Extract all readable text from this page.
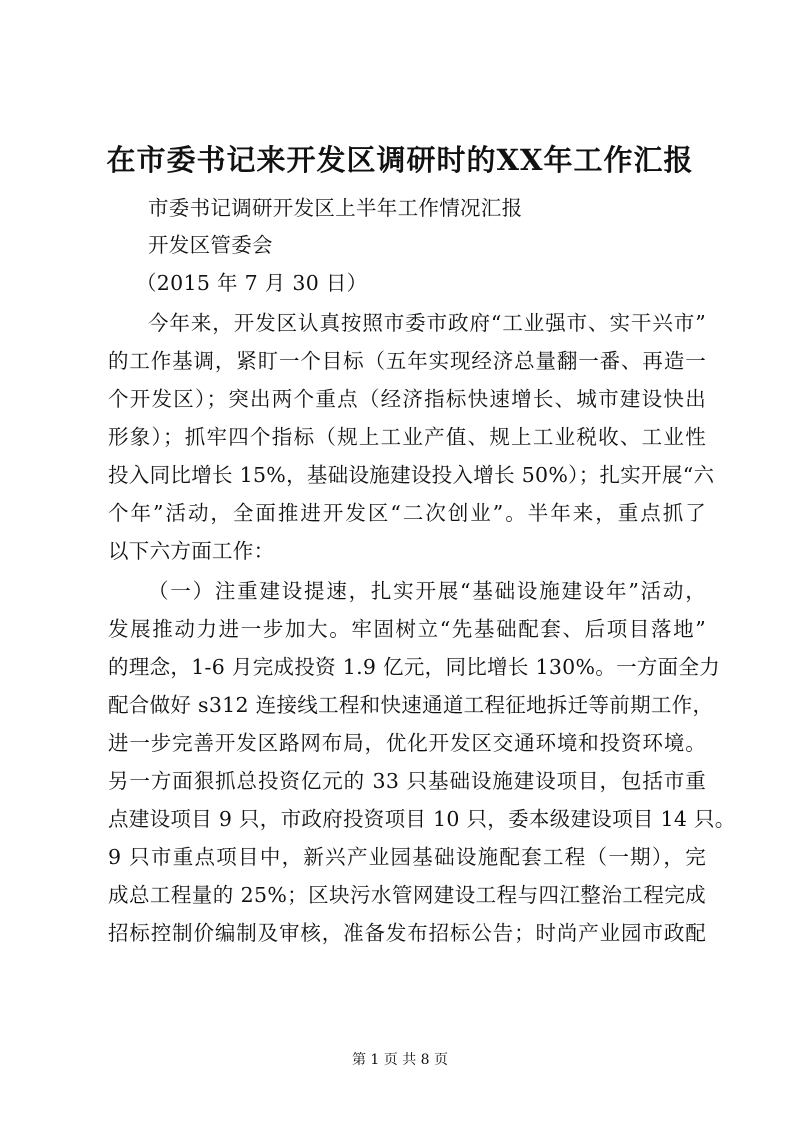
在市委书记来开发区调研时的XX年工作汇报
市委书记调研开发区上半年工作情况汇报
开发区管委会
（2015 年 7 月 30 日）
今年来，开发区认真按照市委市政府“工业强市、实干兴市”
的工作基调，紧盯一个目标（五年实现经济总量翻一番、再造一
个开发区）；突出两个重点（经济指标快速增长、城市建设快出
形象）；抓牢四个指标（规上工业产值、规上工业税收、工业性
投入同比增长 15%，基础设施建设投入增长 50%）；扎实开展“六
个年”活动，全面推进开发区“二次创业”。半年来，重点抓了
以下六方面工作：
（一）注重建设提速，扎实开展“基础设施建设年”活动，
发展推动力进一步加大。牢固树立“先基础配套、后项目落地”
的理念，1-6 月完成投资 1.9 亿元，同比增长 130%。一方面全力
配合做好 s312 连接线工程和快速通道工程征地拆迁等前期工作，
进一步完善开发区路网布局，优化开发区交通环境和投资环境。
另一方面狠抓总投资亿元的 33 只基础设施建设项目，包括市重
点建设项目 9 只，市政府投资项目 10 只，委本级建设项目 14 只。
9 只市重点项目中，新兴产业园基础设施配套工程（一期），完
成总工程量的 25%；区块污水管网建设工程与四江整治工程完成
招标控制价编制及审核，准备发布招标公告；时尚产业园市政配
第 1 页 共 8 页
